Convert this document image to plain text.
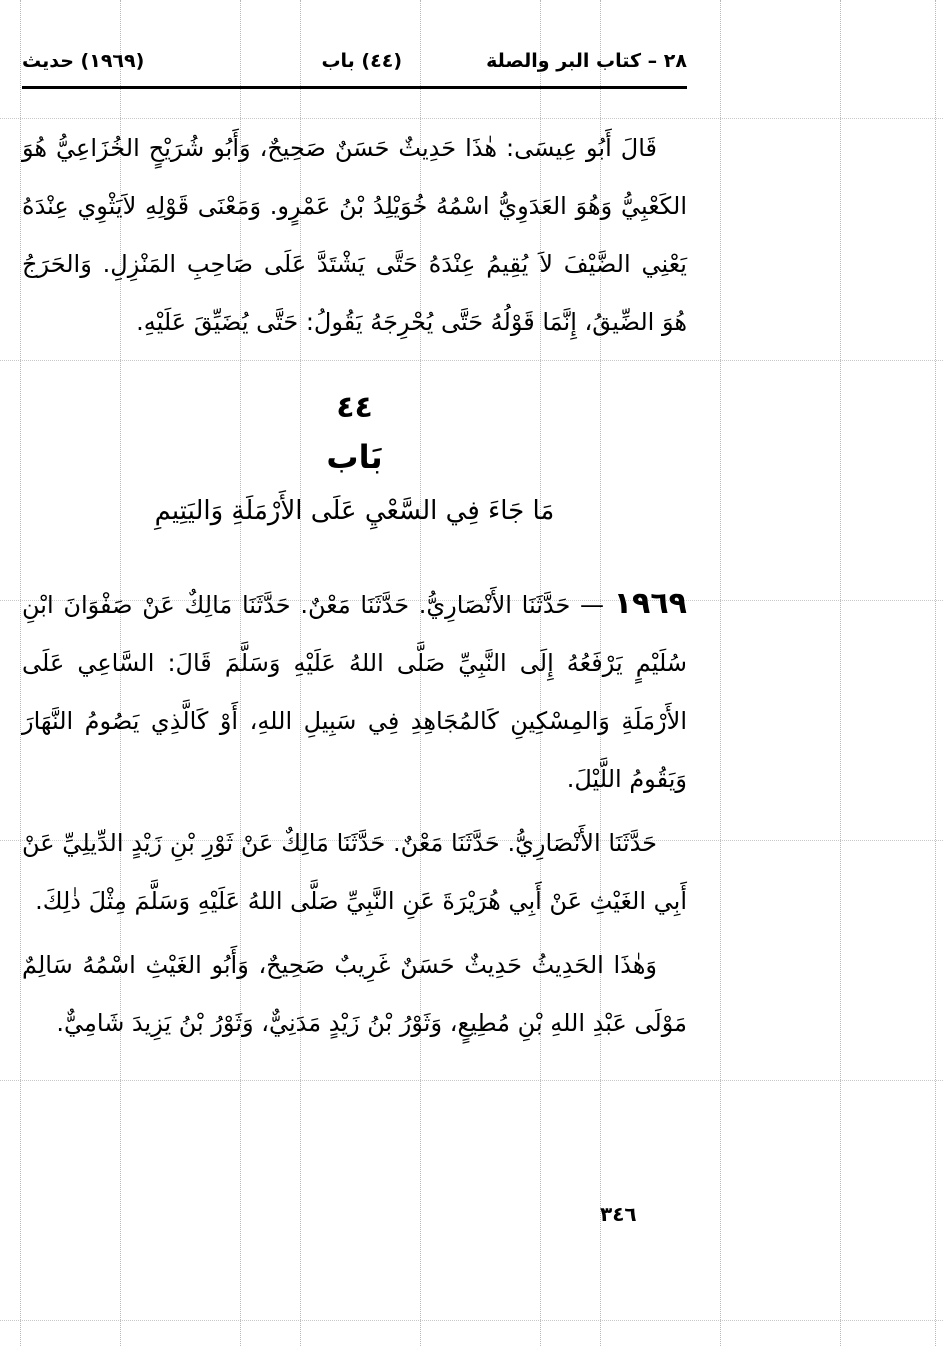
٢٨ – كتاب البر والصلة
(٤٤) باب
(١٩٦٩) حديث

قَالَ أَبُو عِيسَى: هٰذَا حَدِيثٌ حَسَنٌ صَحِيحٌ، وَأَبُو شُرَيْحٍ الخُزَاعِيُّ هُوَ الكَعْبِيُّ وَهُوَ العَدَوِيُّ اسْمُهُ خُوَيْلِدُ بْنُ عَمْرٍو. وَمَعْنَى قَوْلِهِ لاَيَثْوِي عِنْدَهُ يَعْنِي الضَّيْفَ لاَ يُقِيمُ عِنْدَهُ حَتَّى يَشْتَدَّ عَلَى صَاحِبِ المَنْزِلِ. وَالحَرَجُ هُوَ الضِّيقُ، إِنَّمَا قَوْلُهُ حَتَّى يُحْرِجَهُ يَقُولُ: حَتَّى يُضَيِّقَ عَلَيْهِ.

٤٤
بَاب
مَا جَاءَ فِي السَّعْيِ عَلَى الأَرْمَلَةِ وَاليَتِيمِ

١٩٦٩ — حَدَّثَنَا الأَنْصَارِيُّ. حَدَّثَنَا مَعْنٌ. حَدَّثَنَا مَالِكٌ عَنْ صَفْوَانَ ابْنِ سُلَيْمٍ يَرْفَعُهُ إِلَى النَّبِيِّ صَلَّى اللهُ عَلَيْهِ وَسَلَّمَ قَالَ: السَّاعِي عَلَى الأَرْمَلَةِ وَالمِسْكِينِ كَالمُجَاهِدِ فِي سَبِيلِ اللهِ، أَوْ كَالَّذِي يَصُومُ النَّهَارَ وَيَقُومُ اللَّيْلَ.

حَدَّثَنَا الأَنْصَارِيُّ. حَدَّثَنَا مَعْنٌ. حَدَّثَنَا مَالِكٌ عَنْ ثَوْرِ بْنِ زَيْدٍ الدِّيلِيِّ عَنْ أَبِي الغَيْثِ عَنْ أَبِي هُرَيْرَةَ عَنِ النَّبِيِّ صَلَّى اللهُ عَلَيْهِ وَسَلَّمَ مِثْلَ ذٰلِكَ.

وَهٰذَا الحَدِيثُ حَدِيثٌ حَسَنٌ غَرِيبٌ صَحِيحٌ، وَأَبُو الغَيْثِ اسْمُهُ سَالِمٌ مَوْلَى عَبْدِ اللهِ بْنِ مُطِيعٍ، وَثَوْرُ بْنُ زَيْدٍ مَدَنِيٌّ، وَثَوْرُ بْنُ يَزِيدَ شَامِيٌّ.

٣٤٦
